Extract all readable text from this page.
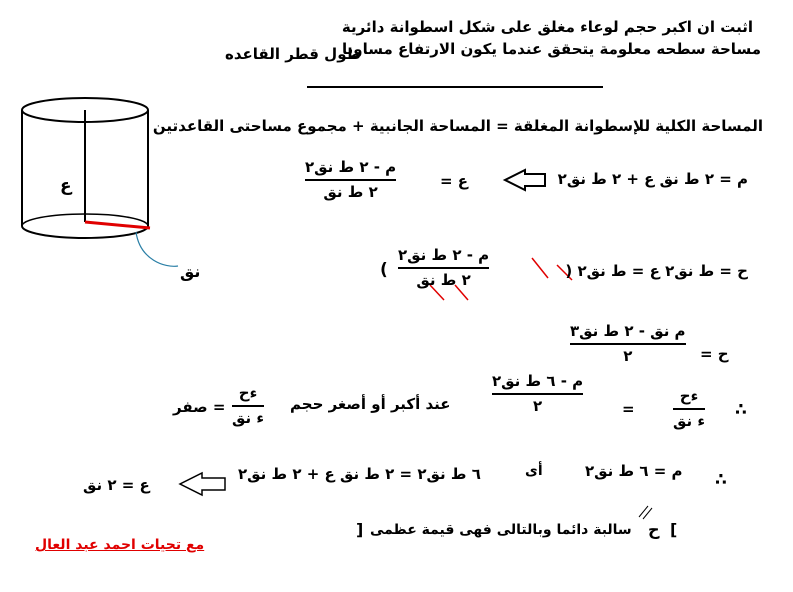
اثبت ان اكبر حجم لوعاء مغلق على شكل اسطوانة دائرية
مساحة سطحه معلومة يتحقق عندما يكون الارتفاع مساويا
طول قطر القاعده
ع
نق
المساحة الكلية للإسطوانة المغلقة = المساحة الجانبية + مجموع مساحتى القاعدتين
م = ٢ ط نق ع + ٢ ط نق٢
ع =
م - ٢ ط نق٢
٢ ط نق
ح = ط نق٢ ع = ط نق٢ (
م - ٢ ط نق٢
٢ ط نق
)
ح =
م نق - ٢ ط نق٣
٢
∴
ءح
ء نق
=
م - ٦ ط نق٢
٢
عند أكبر أو أصغر حجم
ءح
ء نق
= صفر
∴
م = ٦ ط نق٢
أى
٦ ط نق٢ = ٢ ط نق ع + ٢ ط نق٢
ع = ٢ نق
]
ح
سالبة دائما وبالتالى فهى قيمة عظمى
[
مع تحيات احمد عبد العال
